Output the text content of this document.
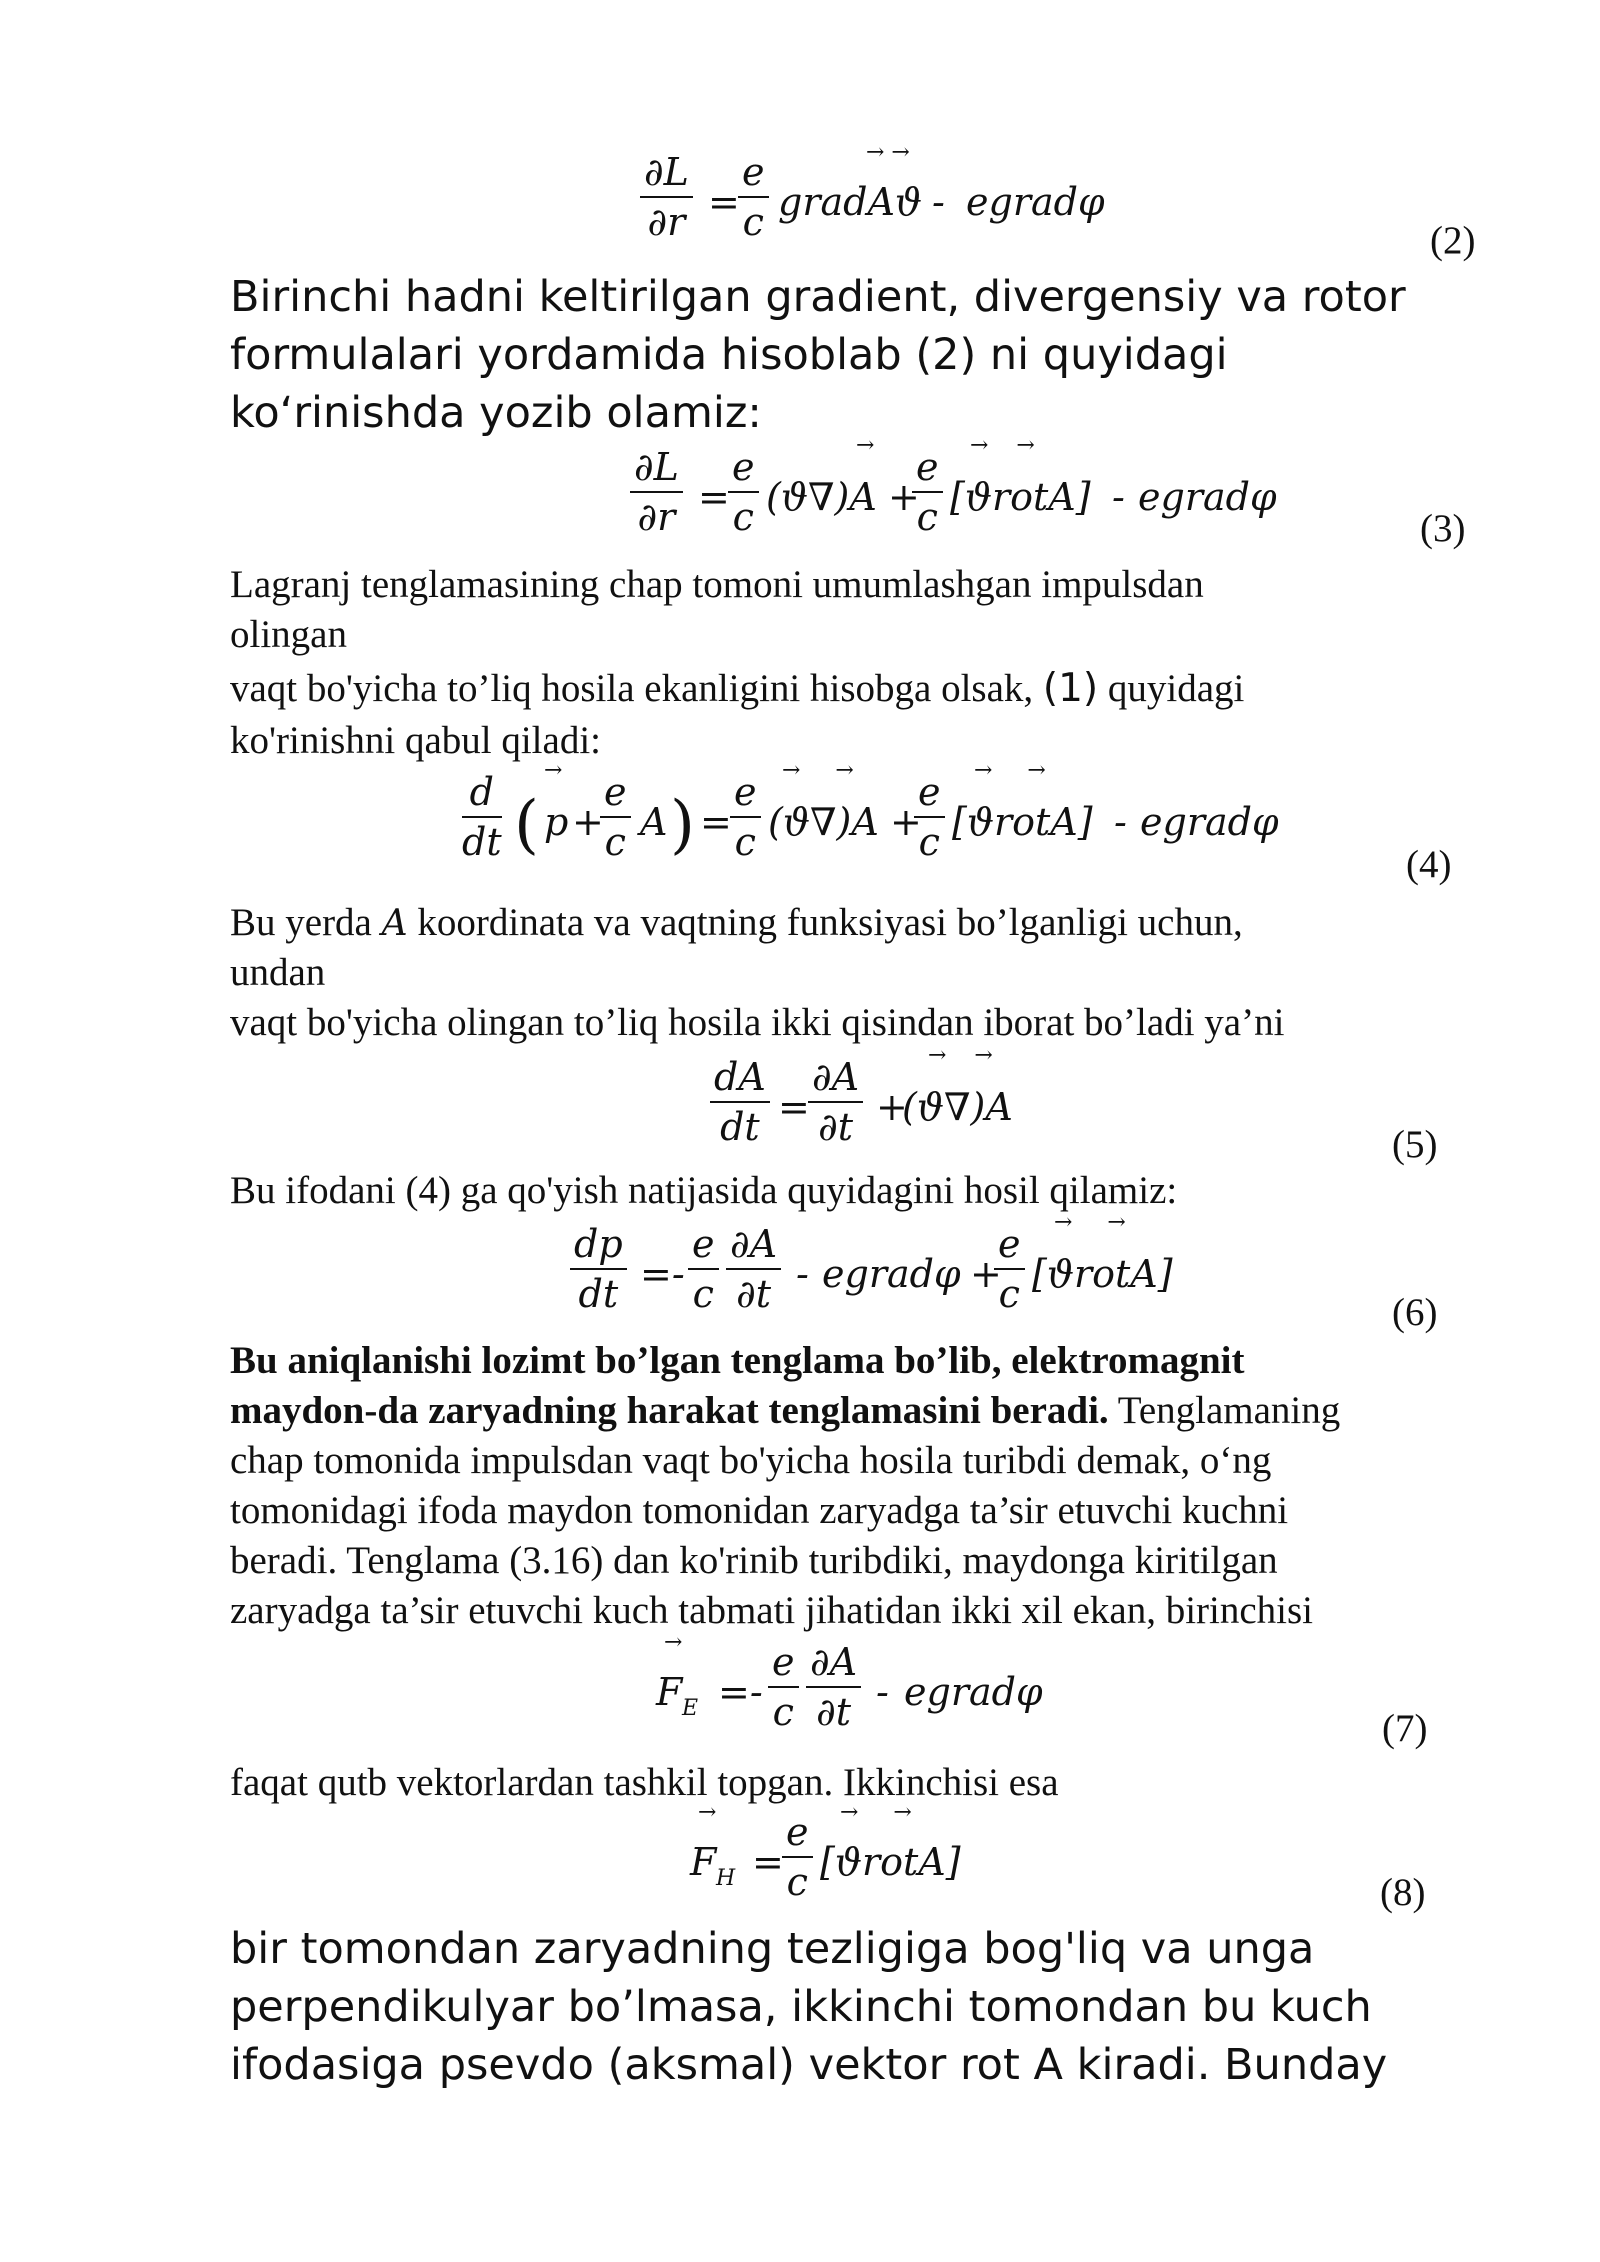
$\frac{\partial L}{\partial r}$ =
$\frac{e}{c}$	→ →
gradAϑ - egradφ
(2)
Birinchi hadni keltirilgan gradient, divergensiy va rotor
formulalari yordamida hisoblab (2) ni quyidagi
ko‘rinishda yozib olamiz:
$\frac{\partial L}{\partial r}$ =
$\frac{e}{c}$	→
(ϑ∇)A +
$\frac{e}{c}$ →    →
[ϑrotA] - egradφ
(3)
Lagranj tenglamasining chap tomoni umumlashgan impulsdan
olingan
vaqt bo'yicha to’liq hosila ekanligini hisobga olsak, (1) quyidagi
ko'rinishni qabul qiladi:
$\frac{d}{dt}$ (
→
p +
$\frac{e}{c}$ A ) =
$\frac{e}{c}$ →     →
(ϑ∇)A +
$\frac{e}{c}$ →     →
[ϑrotA] - egradφ
(4)
Bu yerda A koordinata va vaqtning funksiyasi bo’lganligi uchun,
undan
vaqt bo'yicha olingan to’liq hosila ikki qisindan iborat bo’ladi ya’ni
$\frac{dA}{dt}$ =
$\frac{\partial A}{\partial t}$ +
→    →
(ϑ∇)A
(5)
Bu ifodani (4) ga qo'yish natijasida quyidagini hosil qilamiz:
$\frac{dp}{dt} =- \frac{e}{c} \frac{\partial A}{\partial t}$ - egradφ +
$\frac{e}{c}$ →     →
[ϑrotA]
(6)
Bu aniqlanishi lozimt bo’lgan tenglama bo’lib, elektromagnit
maydon-da zaryadning harakat tenglamasini beradi. Tenglamaning
chap tomonida impulsdan vaqt bo'yicha hosila turibdi demak, o‘ng
tomonidagi ifoda maydon tomonidan zaryadga ta’sir etuvchi kuchni
beradi. Tenglama (3.16) dan ko'rinib turibdiki, maydonga kiritilgan
zaryadga ta’sir etuvchi kuch tabmati jihatidan ikki xil ekan, birinchisi
→
F $E =- \frac{e}{c} \frac{\partial A}{\partial t}$ - egradφ
(7)
faqat qutb vektorlardan tashkil topgan. Ikkinchisi esa
→
F H =
$\frac{e}{c}$ →     →
[ϑrotA]
(8)
bir tomondan zaryadning tezligiga bog'liq va unga
perpendikulyar bo’lmasa, ikkinchi tomondan bu kuch
ifodasiga psevdo (aksmal) vektor rot A kiradi. Bunday
